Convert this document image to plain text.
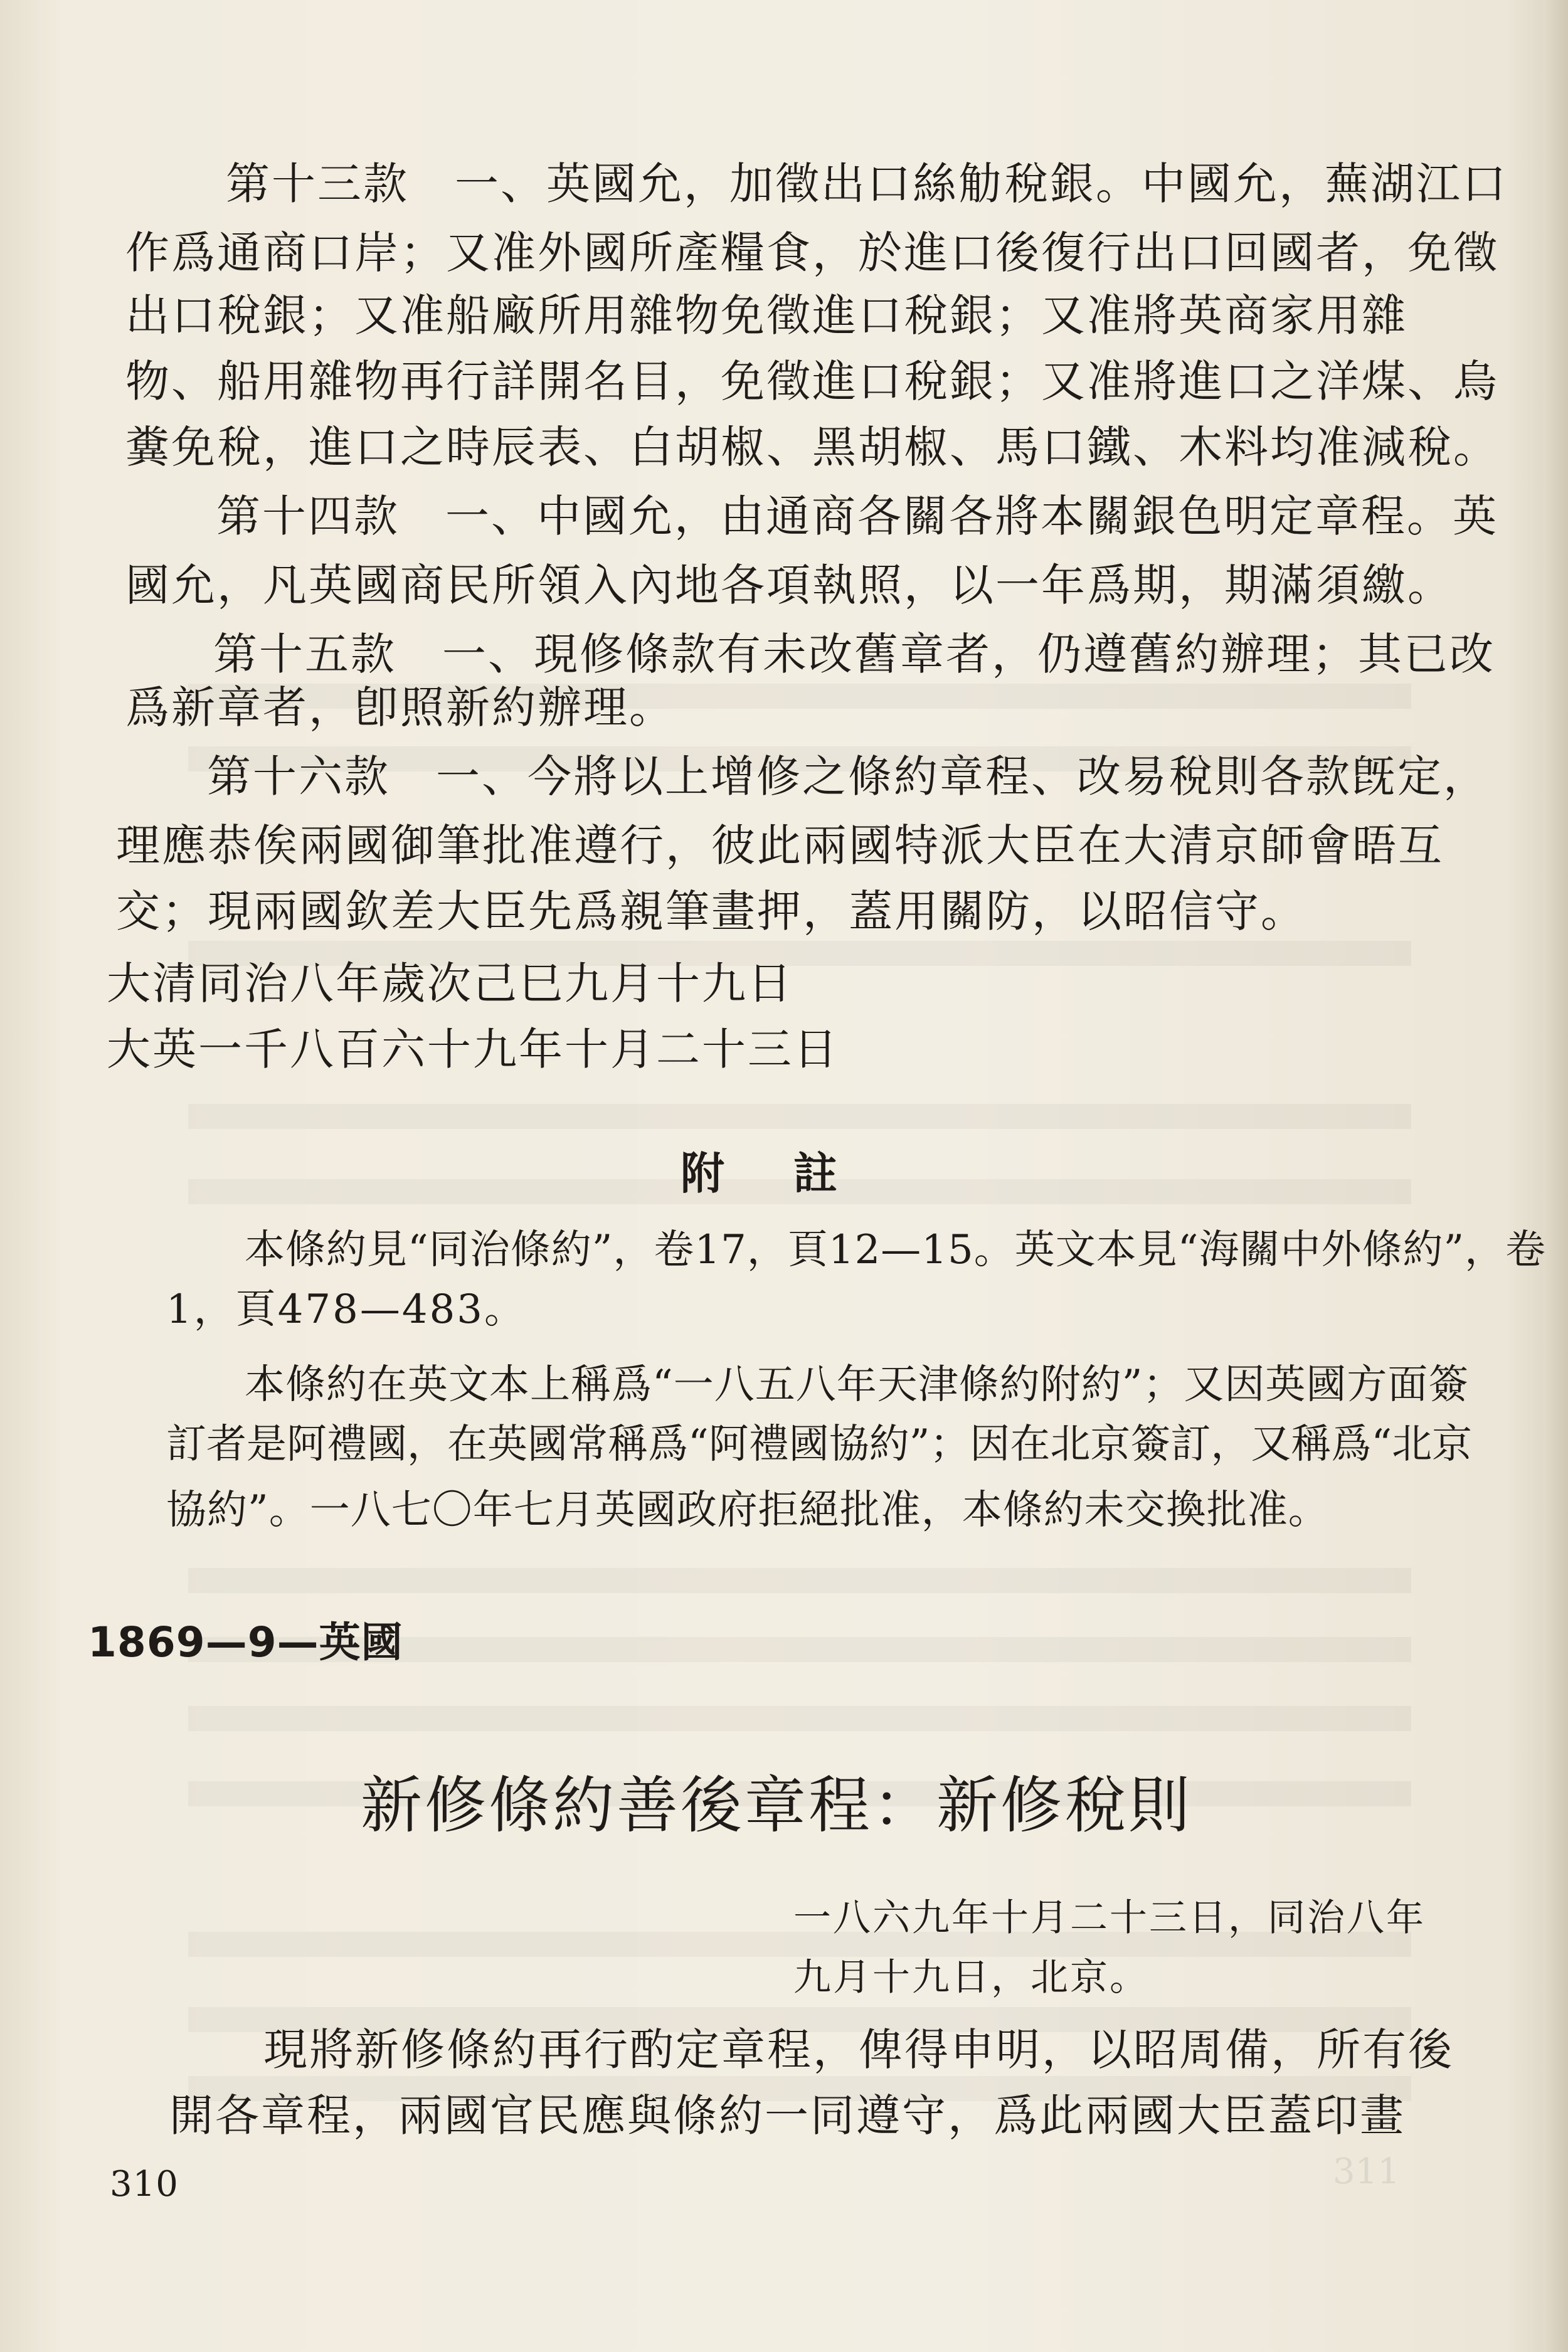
第十三款　一、英國允，加徵出口絲觔稅銀。中國允，蕪湖江口
作爲通商口岸；又准外國所產糧食，於進口後復行出口回國者，免徵
出口稅銀；又准船廠所用雜物免徵進口稅銀；又准將英商家用雜
物、船用雜物再行詳開名目，免徵進口稅銀；又准將進口之洋煤、烏
糞免稅，進口之時辰表、白胡椒、黑胡椒、馬口鐵、木料均准減稅。
第十四款　一、中國允，由通商各關各將本關銀色明定章程。英
國允，凡英國商民所領入內地各項執照，以一年爲期，期滿須繳。
第十五款　一、現修條款有未改舊章者，仍遵舊約辦理；其已改
爲新章者，卽照新約辦理。
第十六款　一、今將以上增修之條約章程、改易稅則各款旣定，
理應恭俟兩國御筆批准遵行，彼此兩國特派大臣在大清京師會晤互
交；現兩國欽差大臣先爲親筆畫押，蓋用關防，以昭信守。
大清同治八年歲次己巳九月十九日
大英一千八百六十九年十月二十三日
附註
本條約見“同治條約”，卷17，頁12—15。英文本見“海關中外條約”，卷
1，頁478—483。
本條約在英文本上稱爲“一八五八年天津條約附約”；又因英國方面簽
訂者是阿禮國，在英國常稱爲“阿禮國協約”；因在北京簽訂，又稱爲“北京
協約”。一八七〇年七月英國政府拒絕批准，本條約未交換批准。
1869—9—英國
新修條約善後章程：新修稅則
一八六九年十月二十三日，同治八年
九月十九日，北京。
現將新修條約再行酌定章程，俾得申明，以昭周備，所有後
開各章程，兩國官民應與條約一同遵守，爲此兩國大臣蓋印畫
310	311
